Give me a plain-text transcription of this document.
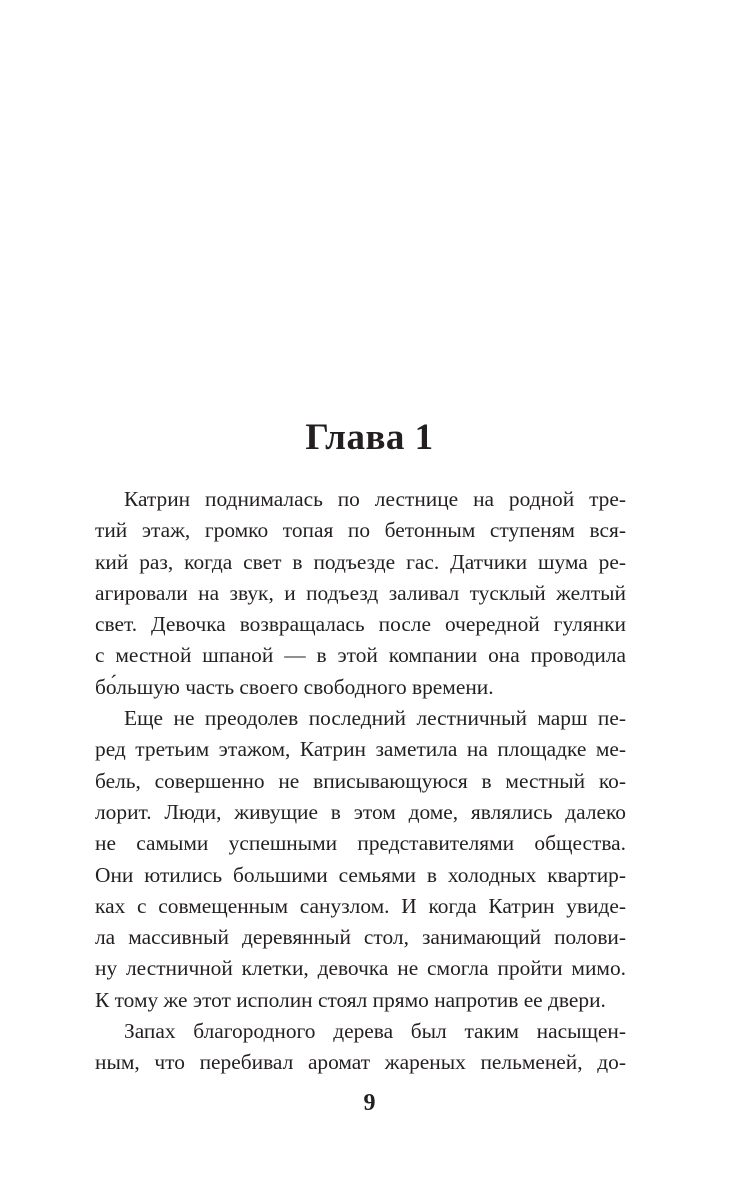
Глава 1
Катрин поднималась по лестнице на родной тре-
тий этаж, громко топая по бетонным ступеням вся-
кий раз, когда свет в подъезде гас. Датчики шума ре-
агировали на звук, и подъезд заливал тусклый желтый
свет. Девочка возвращалась после очередной гулянки
с местной шпаной — в этой компании она проводила
бо́льшую часть своего свободного времени.
Еще не преодолев последний лестничный марш пе-
ред третьим этажом, Катрин заметила на площадке ме-
бель, совершенно не вписывающуюся в местный ко-
лорит. Люди, живущие в этом доме, являлись далеко
не самыми успешными представителями общества.
Они ютились большими семьями в холодных квартир-
ках с совмещенным санузлом. И когда Катрин увиде-
ла массивный деревянный стол, занимающий полови-
ну лестничной клетки, девочка не смогла пройти мимо.
К тому же этот исполин стоял прямо напротив ее двери.
Запах благородного дерева был таким насыщен-
ным, что перебивал аромат жареных пельменей, до-
9
